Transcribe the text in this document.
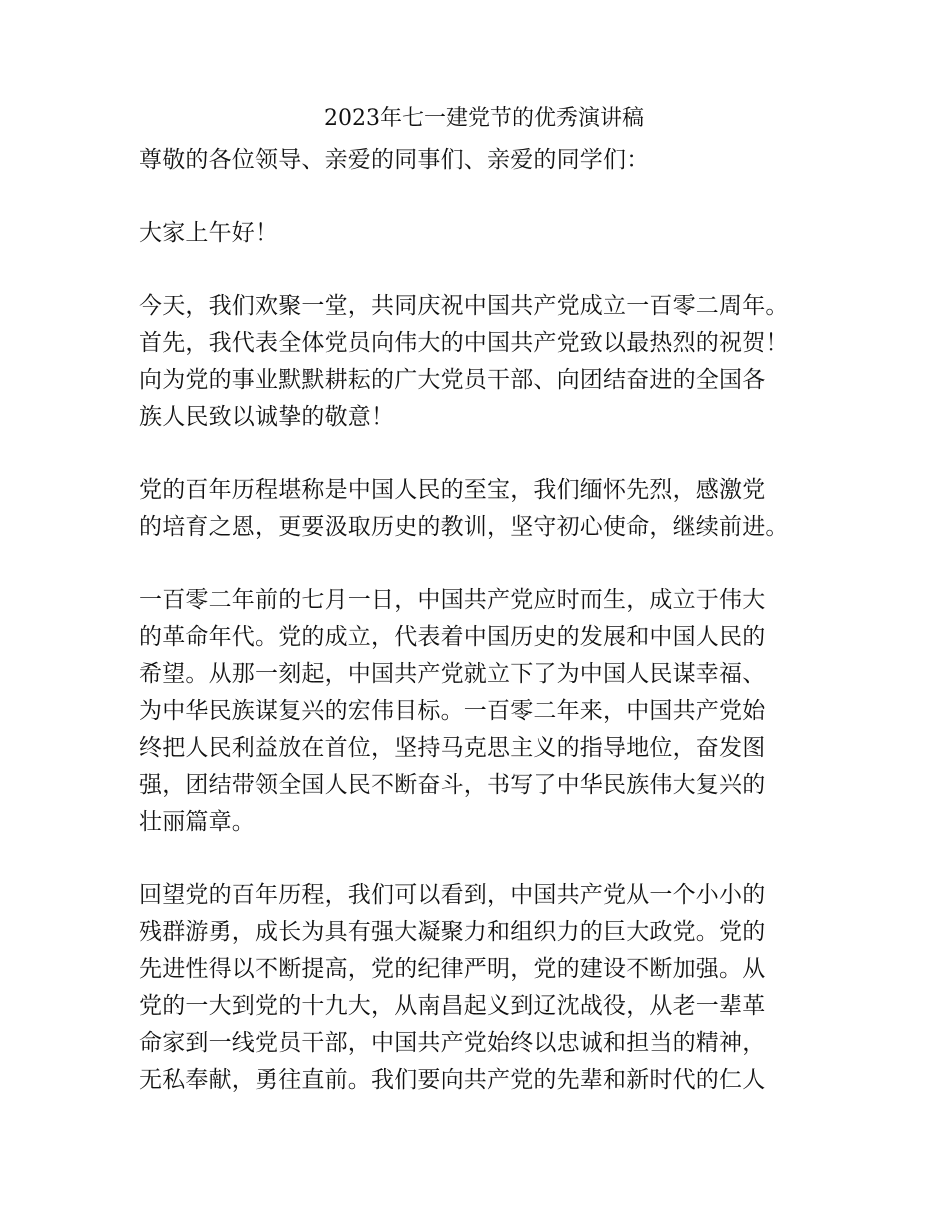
2023年七一建党节的优秀演讲稿

尊敬的各位领导、亲爱的同事们、亲爱的同学们：

大家上午好！

今天，我们欢聚一堂，共同庆祝中国共产党成立一百零二周年。
首先，我代表全体党员向伟大的中国共产党致以最热烈的祝贺！
向为党的事业默默耕耘的广大党员干部、向团结奋进的全国各
族人民致以诚挚的敬意！

党的百年历程堪称是中国人民的至宝，我们缅怀先烈，感激党
的培育之恩，更要汲取历史的教训，坚守初心使命，继续前进。

一百零二年前的七月一日，中国共产党应时而生，成立于伟大
的革命年代。党的成立，代表着中国历史的发展和中国人民的
希望。从那一刻起，中国共产党就立下了为中国人民谋幸福、
为中华民族谋复兴的宏伟目标。一百零二年来，中国共产党始
终把人民利益放在首位，坚持马克思主义的指导地位，奋发图
强，团结带领全国人民不断奋斗，书写了中华民族伟大复兴的
壮丽篇章。

回望党的百年历程，我们可以看到，中国共产党从一个小小的
残群游勇，成长为具有强大凝聚力和组织力的巨大政党。党的
先进性得以不断提高，党的纪律严明，党的建设不断加强。从
党的一大到党的十九大，从南昌起义到辽沈战役，从老一辈革
命家到一线党员干部，中国共产党始终以忠诚和担当的精神，
无私奉献，勇往直前。我们要向共产党的先辈和新时代的仁人
